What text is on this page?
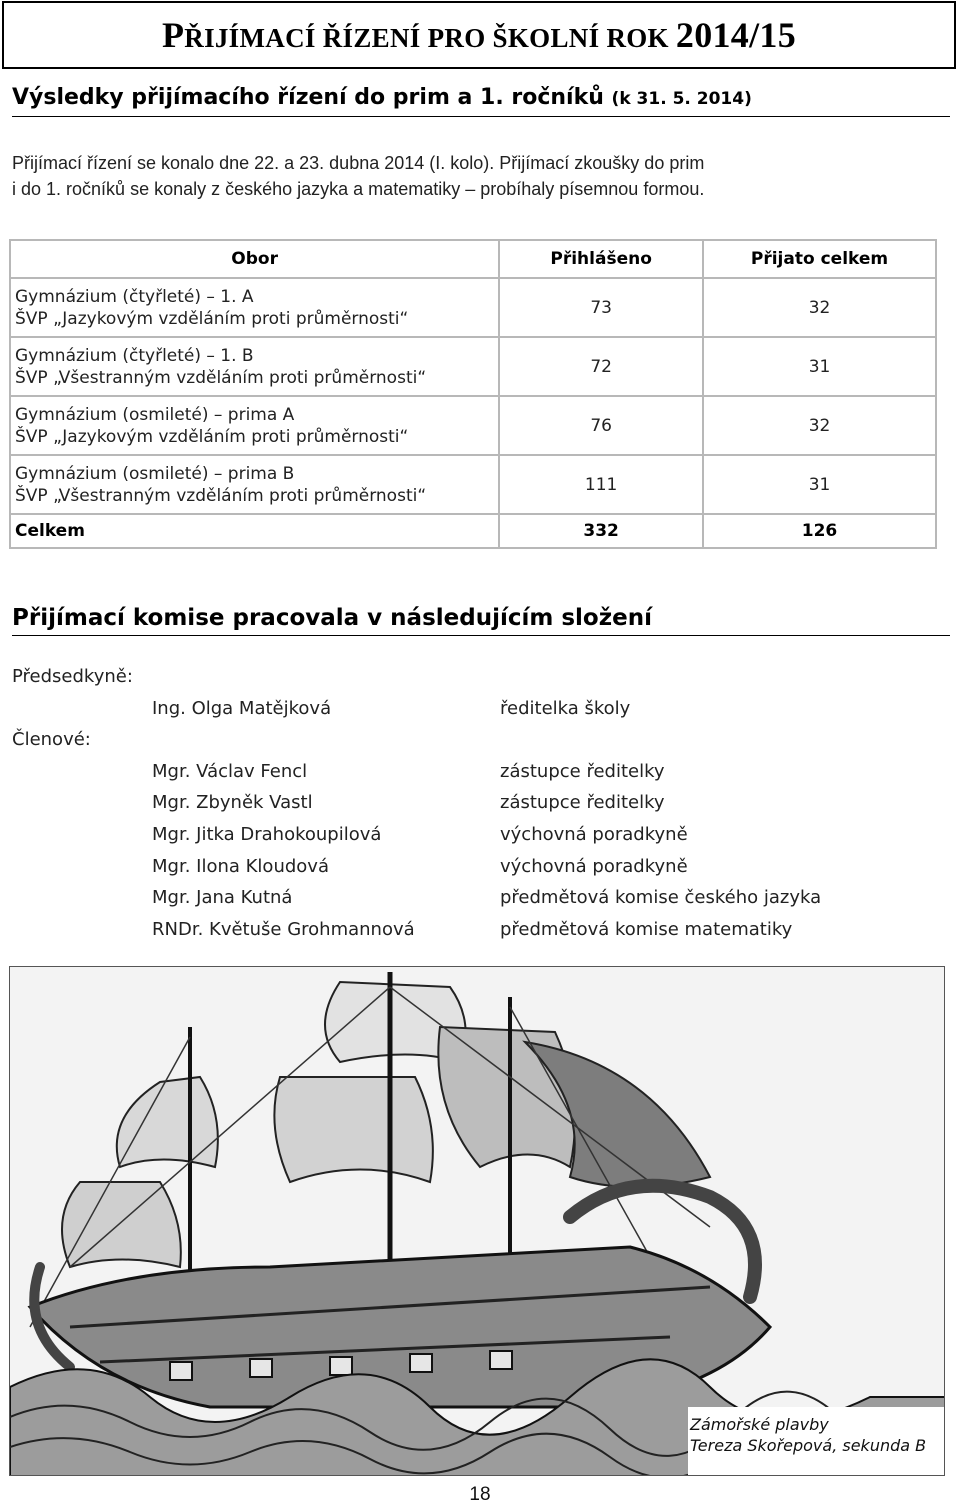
PŘIJÍMACÍ ŘÍZENÍ PRO ŠKOLNÍ ROK 2014/15
Výsledky přijímacího řízení do prim a 1. ročníků (k 31. 5. 2014)
Přijímací řízení se konalo dne 22. a 23. dubna 2014 (I. kolo). Přijímací zkoušky do prim
i do 1. ročníků se konaly z českého jazyka a matematiky – probíhaly písemnou formou.
Obor	Přihlášeno	Přijato celkem

Gymnázium (čtyřleté) – 1. A
ŠVP „Jazykovým vzděláním proti průměrnosti“	73	32

Gymnázium (čtyřleté) – 1. B
ŠVP „Všestranným vzděláním proti průměrnosti“	72	31

Gymnázium (osmileté) – prima A
ŠVP „Jazykovým vzděláním proti průměrnosti“	76	32

Gymnázium (osmileté) – prima B
ŠVP „Všestranným vzděláním proti průměrnosti“	111	31
Celkem	332	126
Přijímací komise pracovala v následujícím složení
Předsedkyně:
Ing. Olga Matějková	ředitelka školy
Členové:
Mgr. Václav Fencl	zástupce ředitelky
Mgr. Zbyněk Vastl	zástupce ředitelky
Mgr. Jitka Drahokoupilová	výchovná poradkyně
Mgr. Ilona Kloudová	výchovná poradkyně
Mgr. Jana Kutná	předmětová komise českého jazyka
RNDr. Květuše Grohmannová	předmětová komise matematiky
Zámořské plavby
Tereza Skořepová, sekunda B
18
